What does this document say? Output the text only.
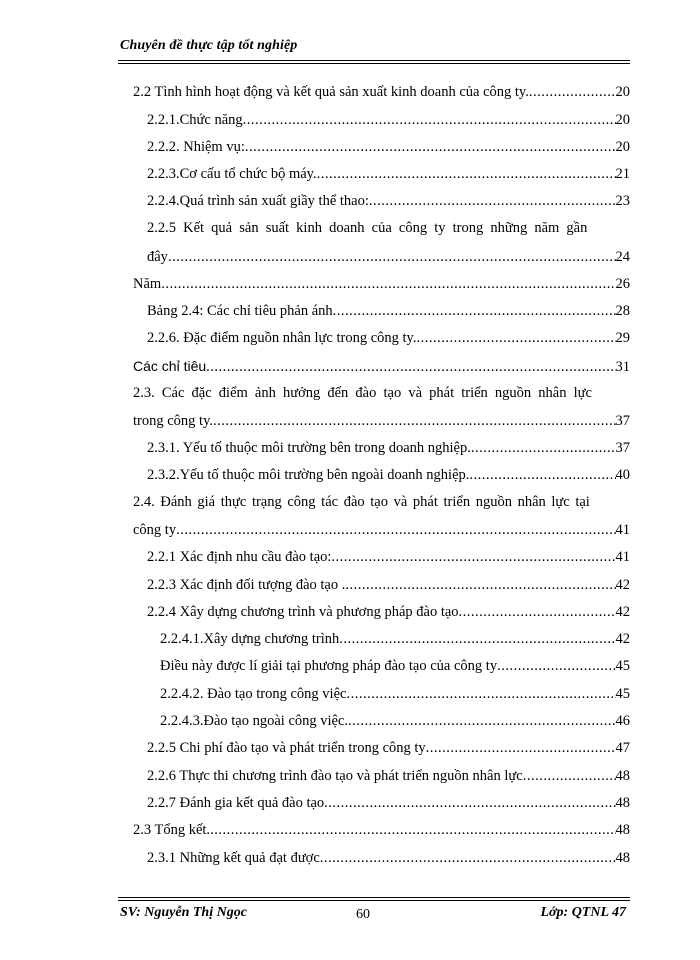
Chuyên đề thực tập tốt nghiệp
2.2 Tình hình hoạt động và kết quả sản xuất kinh doanh của công ty. .....	20
2.2.1.Chức năng .....	20
2.2.2. Nhiệm vụ: .....	20
2.2.3.Cơ cấu tổ chức bộ máy. .....	21
2.2.4.Quá trình sản xuất giầy thể thao: .....	23
2.2.5 Kết quả sản suất kinh doanh của công ty trong những năm gần
đây .....	24
Năm .....	26
Bảng 2.4: Các chỉ tiêu phản ánh .....	28
2.2.6. Đặc điểm nguồn nhân lực trong công ty. .....	29
Các chỉ tiêu .....	31
2.3. Các đặc điểm ảnh hưởng đến đào tạo và phát triển nguồn nhân lực
trong công ty. .....	37
2.3.1. Yếu tố thuộc môi trường bên trong doanh nghiệp. .....	37
2.3.2.Yếu tố thuộc môi trường bên ngoài doanh nghiệp. .....	40
2.4. Đánh giá thực trạng công tác đào tạo và phát triển nguồn nhân lực tại
công ty .....	41
2.2.1 Xác định nhu cầu đào tạo: .....	41
2.2.3 Xác định đối tượng đào tạo . .....	42
2.2.4 Xây dựng chương trình và phương pháp đào tạo .....	42
2.2.4.1.Xây dựng chương trình .....	42
Điều này được lí giải tại phương pháp đào tạo của công ty .....	45
2.2.4.2. Đào tạo trong công việc .....	45
2.2.4.3.Đào tạo ngoài công việc. .....	46
2.2.5 Chi phí đào tạo và phát triển trong công ty .....	47
2.2.6 Thực thi chương trình đào tạo và phát triển nguồn nhân lực .....	48
2.2.7 Đánh gia kết quả đào tạo .....	48
2.3 Tổng kết. .....	48
2.3.1 Những kết quả đạt được .....	48
SV: Nguyễn Thị Ngọc	60	Lớp: QTNL 47
